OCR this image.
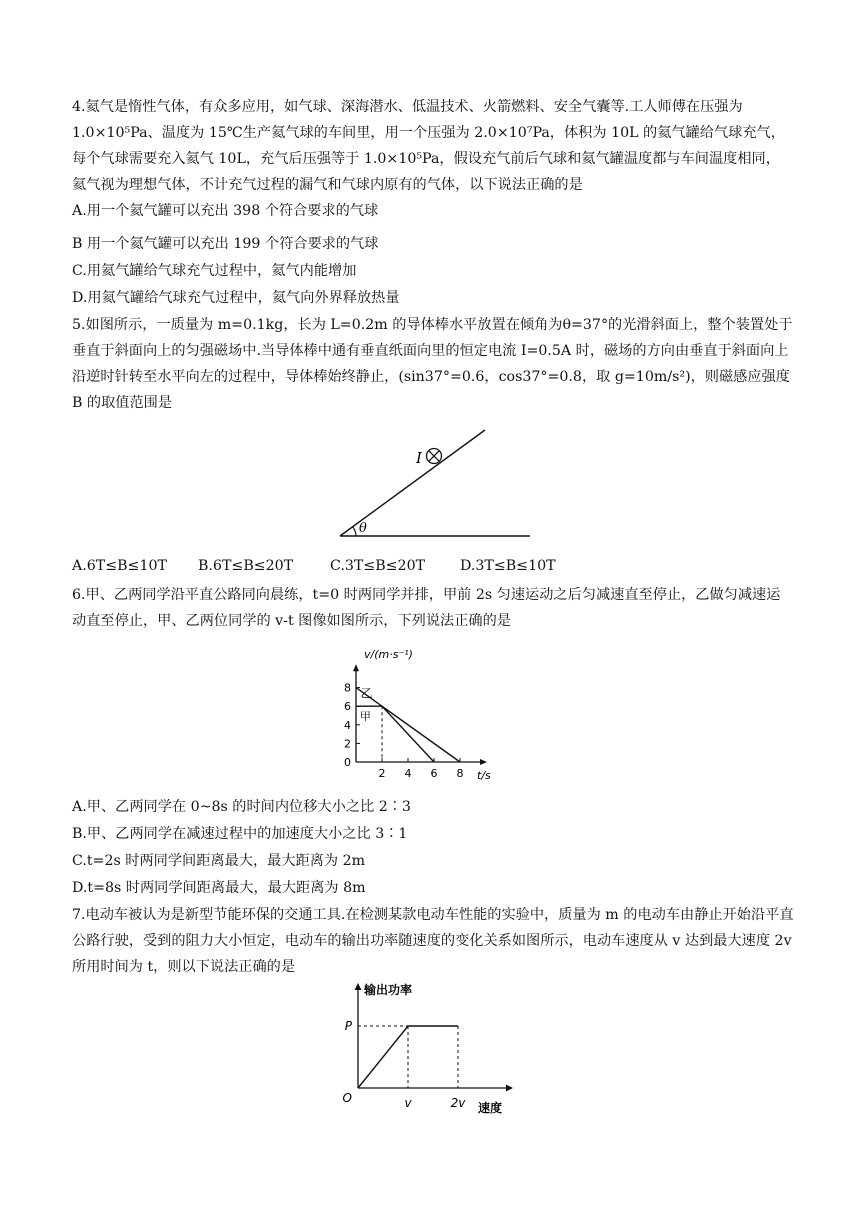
4.氦气是惰性气体，有众多应用，如气球、深海潜水、低温技术、火箭燃料、安全气囊等.工人师傅在压强为1.0×10⁵Pa、温度为 15℃生产氦气球的车间里，用一个压强为 2.0×10⁷Pa，体积为 10L 的氦气罐给气球充气，每个气球需要充入氦气 10L，充气后压强等于 1.0×10⁵Pa，假设充气前后气球和氦气罐温度都与车间温度相同，氦气视为理想气体，不计充气过程的漏气和气球内原有的气体，以下说法正确的是

A.用一个氦气罐可以充出 398 个符合要求的气球
B 用一个氦气罐可以充出 199 个符合要求的气球
C.用氦气罐给气球充气过程中，氦气内能增加
D.用氦气罐给气球充气过程中，氦气向外界释放热量

5.如图所示，一质量为 m=0.1kg，长为 L=0.2m 的导体棒水平放置在倾角为θ=37°的光滑斜面上，整个装置处于垂直于斜面向上的匀强磁场中.当导体棒中通有垂直纸面向里的恒定电流 I=0.5A 时，磁场的方向由垂直于斜面向上沿逆时针转至水平向左的过程中，导体棒始终静止，(sin37°=0.6，cos37°=0.8，取 g=10m/s²)，则磁感应强度 B 的取值范围是

θ
I
A.6T≤B≤10T B.6T≤B≤20T	C.3T≤B≤20T D.3T≤B≤10T

6.甲、乙两同学沿平直公路同向晨练，t=0 时两同学并排，甲前 2s 匀速运动之后匀减速直至停止，乙做匀减速运动直至停止，甲、乙两位同学的 v-t 图像如图所示，下列说法正确的是

0
2
4
6
8
2 4 6 8
v/(m·s⁻¹)
t/s
甲
乙
A.甲、乙两同学在 0~8s 的时间内位移大小之比 2∶3
B.甲、乙两同学在减速过程中的加速度大小之比 3∶1
C.t=2s 时两同学间距离最大，最大距离为 2m
D.t=8s 时两同学间距离最大，最大距离为 8m

7.电动车被认为是新型节能环保的交通工具.在检测某款电动车性能的实验中，质量为 m 的电动车由静止开始沿平直公路行驶，受到的阻力大小恒定，电动车的输出功率随速度的变化关系如图所示，电动车速度从 v 达到最大速度 2v 所用时间为 t，则以下说法正确的是

输出功率
速度
P
O	v	2v
